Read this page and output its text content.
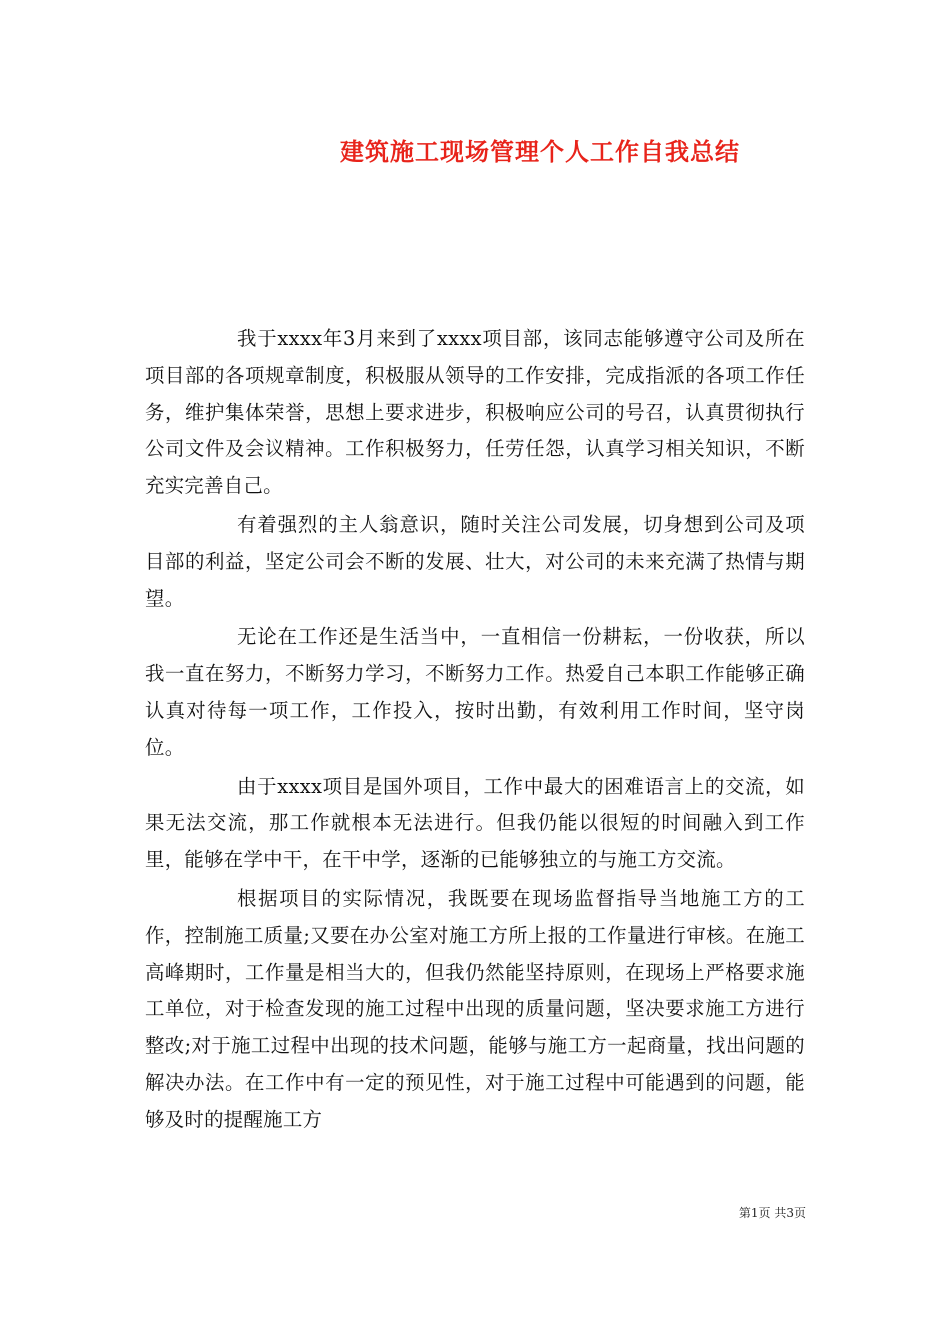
建筑施工现场管理个人工作自我总结

我于xxxx年3月来到了xxxx项目部，该同志能够遵守公司及所在项目部的各项规章制度，积极服从领导的工作安排，完成指派的各项工作任务，维护集体荣誉，思想上要求进步，积极响应公司的号召，认真贯彻执行公司文件及会议精神。工作积极努力，任劳任怨，认真学习相关知识，不断充实完善自己。

有着强烈的主人翁意识，随时关注公司发展，切身想到公司及项目部的利益，坚定公司会不断的发展、壮大，对公司的未来充满了热情与期望。

无论在工作还是生活当中，一直相信一份耕耘，一份收获，所以我一直在努力，不断努力学习，不断努力工作。热爱自己本职工作能够正确认真对待每一项工作，工作投入，按时出勤，有效利用工作时间，坚守岗位。

由于xxxx项目是国外项目，工作中最大的困难语言上的交流，如果无法交流，那工作就根本无法进行。但我仍能以很短的时间融入到工作里，能够在学中干，在干中学，逐渐的已能够独立的与施工方交流。

根据项目的实际情况，我既要在现场监督指导当地施工方的工作，控制施工质量;又要在办公室对施工方所上报的工作量进行审核。在施工高峰期时，工作量是相当大的，但我仍然能坚持原则，在现场上严格要求施工单位，对于检查发现的施工过程中出现的质量问题，坚决要求施工方进行整改;对于施工过程中出现的技术问题，能够与施工方一起商量，找出问题的解决办法。在工作中有一定的预见性，对于施工过程中可能遇到的问题，能够及时的提醒施工方

第1页 共3页
